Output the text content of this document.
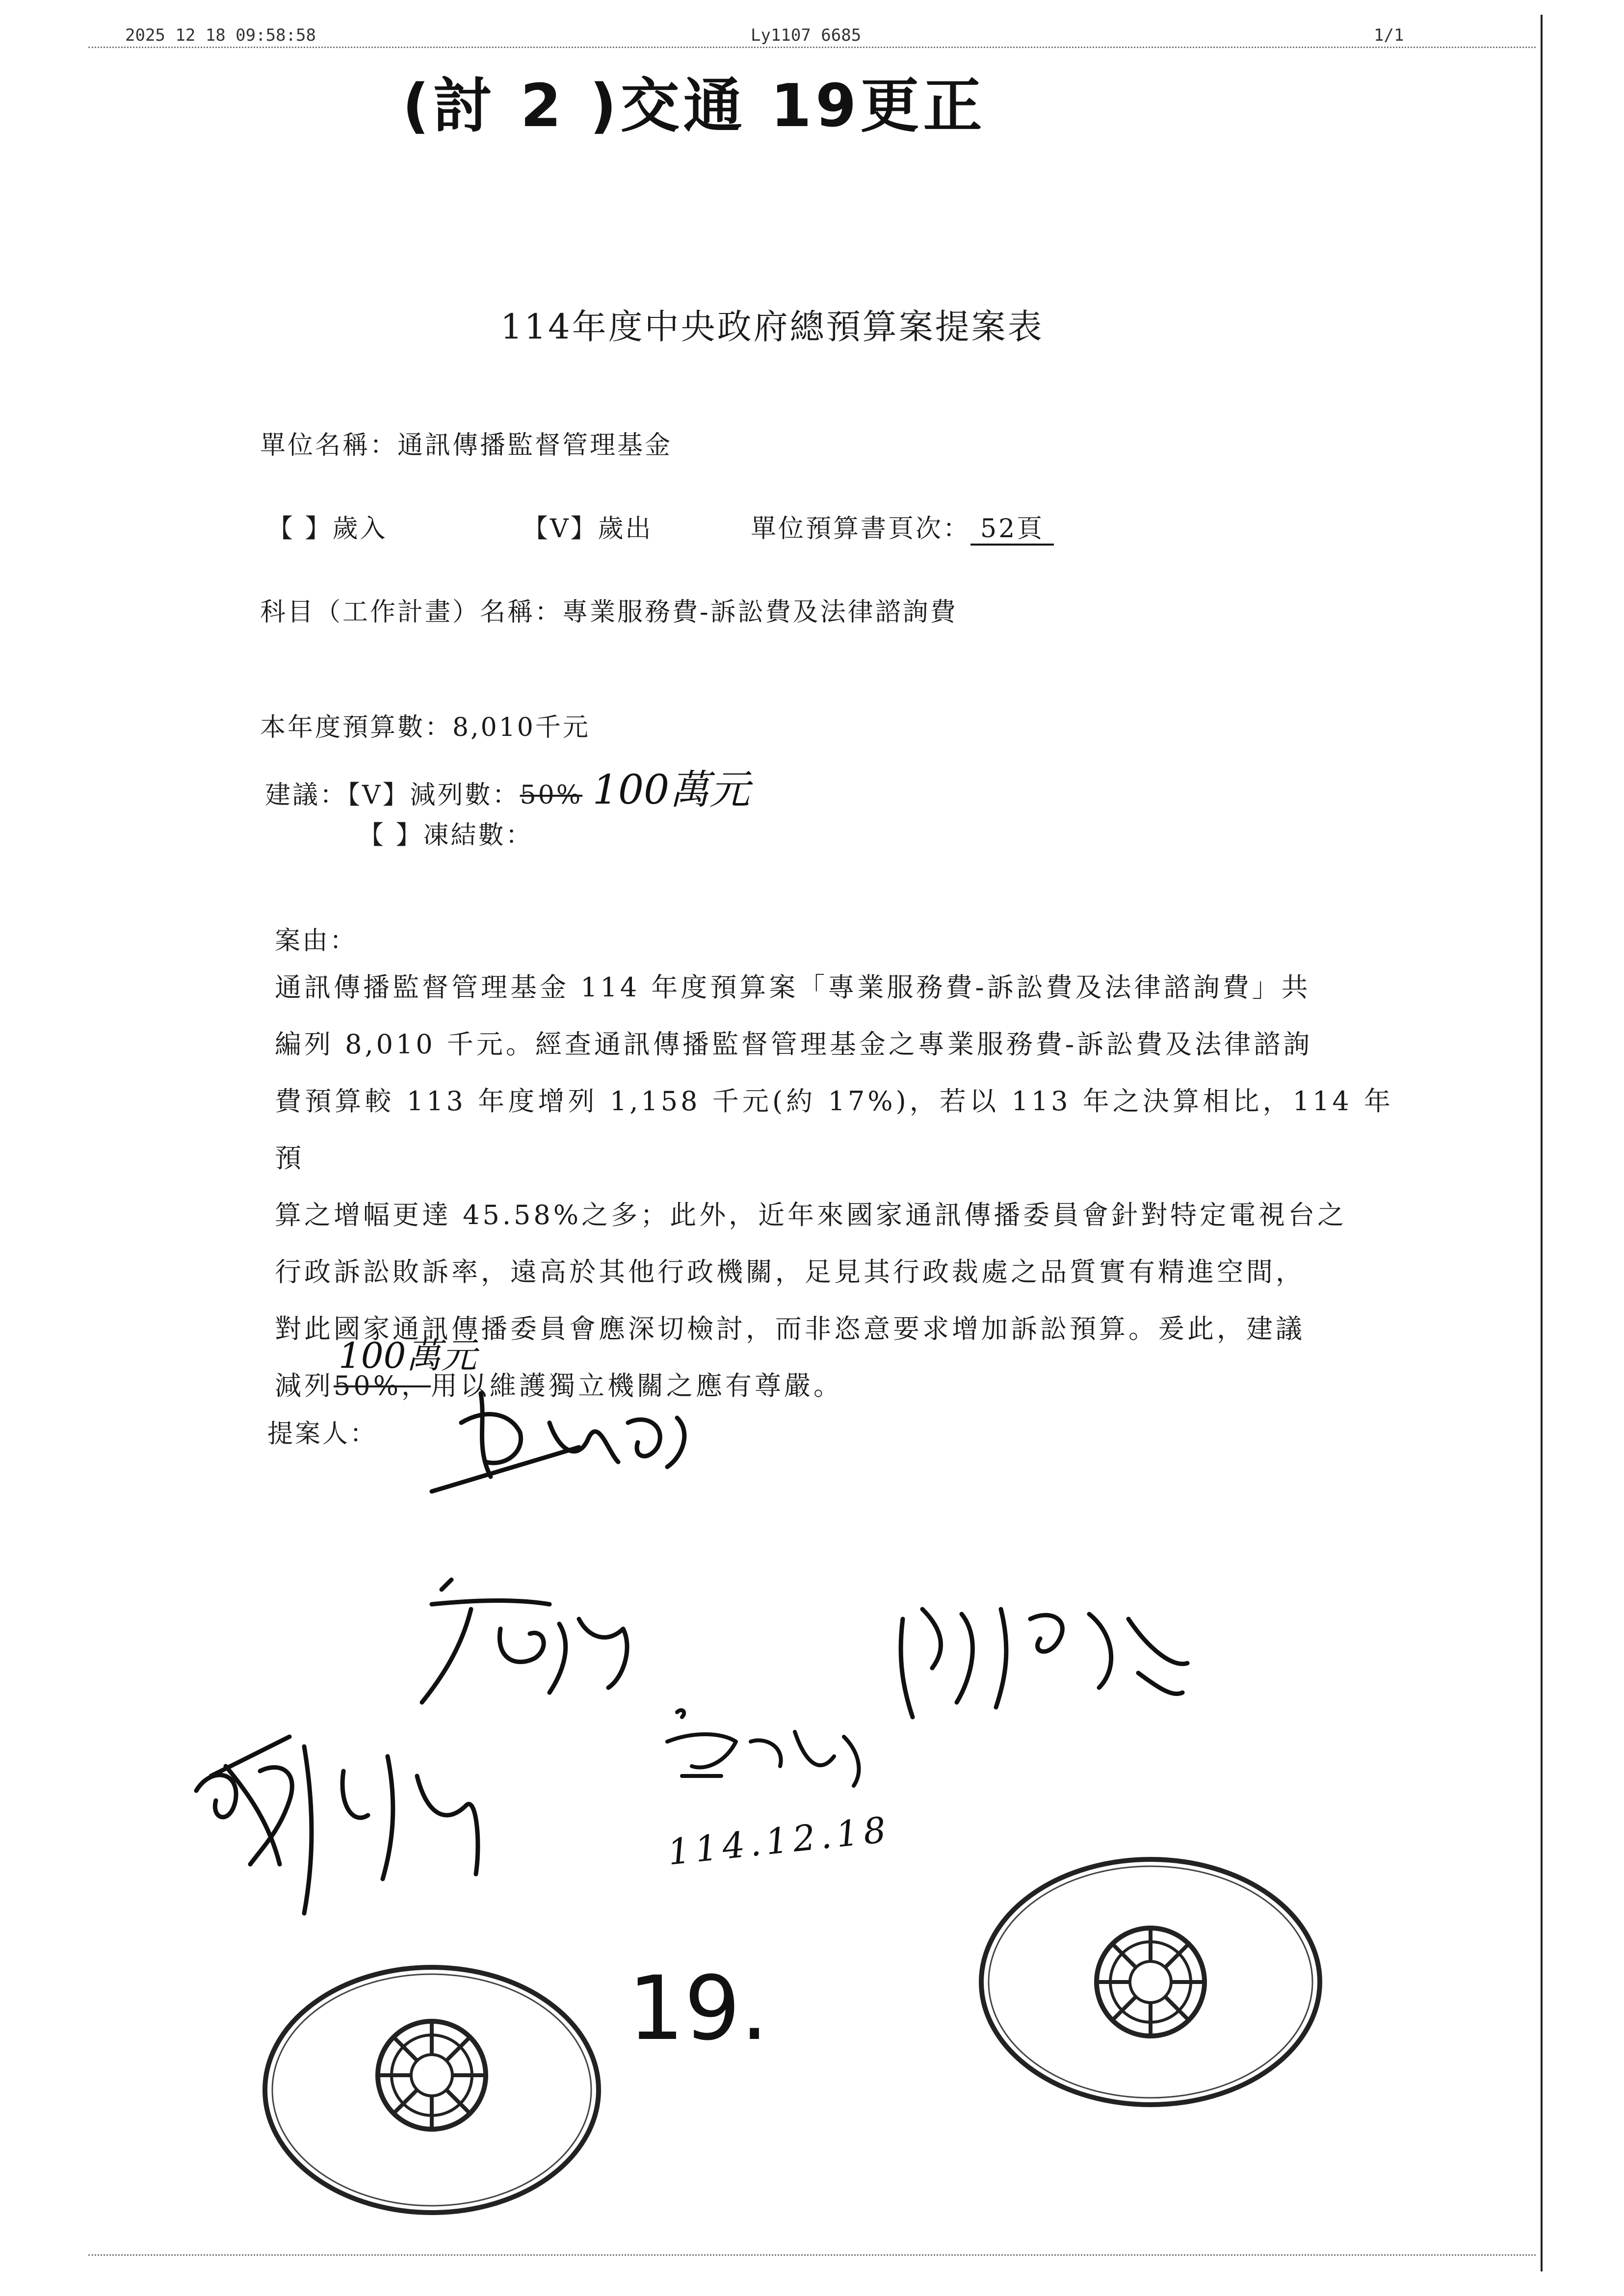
2025 12 18 09:58:58	Ly1107 6685	1/1
(討 2 )交通 19更正
114年度中央政府總預算案提案表
單位名稱：通訊傳播監督管理基金
【 】歲入	【V】歲出	單位預算書頁次： 52頁
科目（工作計畫）名稱：專業服務費-訴訟費及法律諮詢費
本年度預算數：8,010千元
建議：【V】減列數：50% 100萬元
【 】凍結數：
案由：

通訊傳播監督管理基金 114 年度預算案「專業服務費-訴訟費及法律諮詢費」共

編列 8,010 千元。經查通訊傳播監督管理基金之專業服務費-訴訟費及法律諮詢

費預算較 113 年度增列 1,158 千元(約 17%)，若以 113 年之決算相比，114 年預

算之增幅更達 45.58%之多；此外，近年來國家通訊傳播委員會針對特定電視台之

行政訴訟敗訴率，遠高於其他行政機關，足見其行政裁處之品質實有精進空間，

對此國家通訊傳播委員會應深切檢討，而非恣意要求增加訴訟預算。爰此，建議

減列50%，用以維護獨立機關之應有尊嚴。

100萬元
提案人：
114.12.18
19.
